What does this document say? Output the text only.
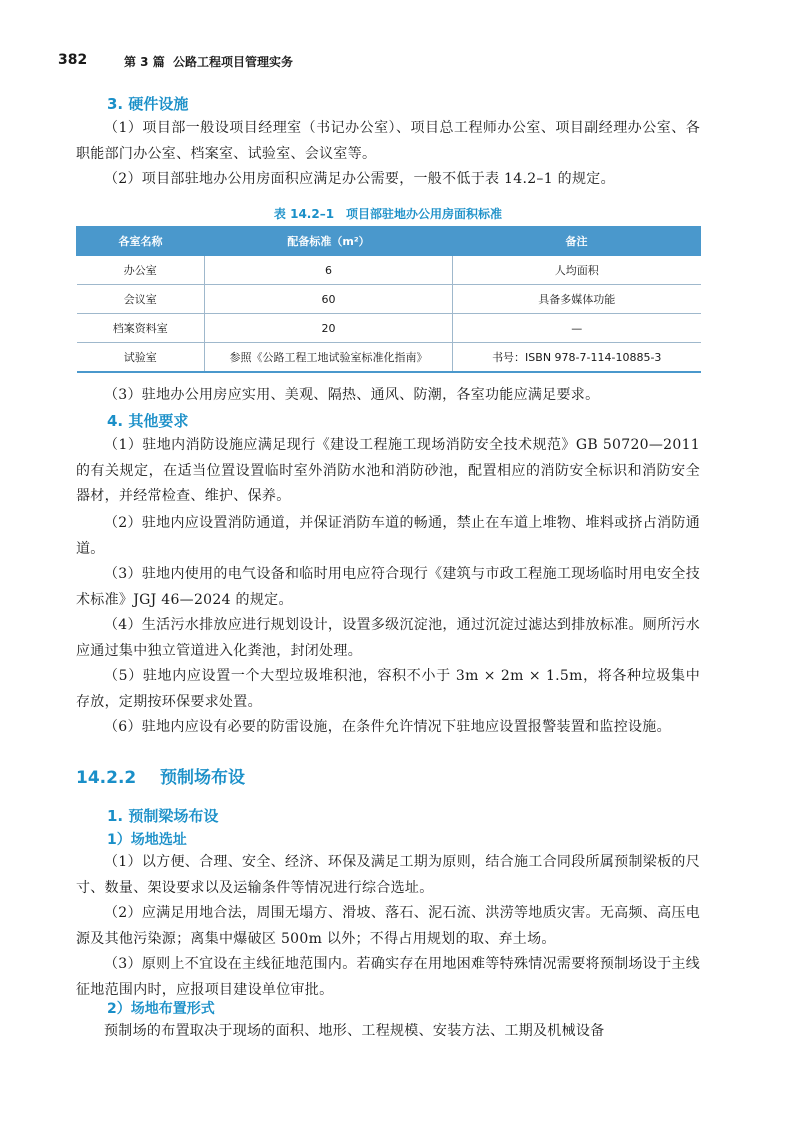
382	第 3 篇 公路工程项目管理实务
3. 硬件设施
（1）项目部一般设项目经理室（书记办公室）、项目总工程师办公室、项目副经理办公室、各职能部门办公室、档案室、试验室、会议室等。
（2）项目部驻地办公用房面积应满足办公需要，一般不低于表 14.2–1 的规定。
表 14.2–1　项目部驻地办公用房面积标准
各室名称	配备标准（m²）	备注
办公室	6	人均面积
会议室	60	具备多媒体功能
档案资料室	20	—
试验室	参照《公路工程工地试验室标准化指南》	书号：ISBN 978-7-114-10885-3
（3）驻地办公用房应实用、美观、隔热、通风、防潮，各室功能应满足要求。
4. 其他要求
（1）驻地内消防设施应满足现行《建设工程施工现场消防安全技术规范》GB 50720—2011 的有关规定，在适当位置设置临时室外消防水池和消防砂池，配置相应的消防安全标识和消防安全器材，并经常检查、维护、保养。
（2）驻地内应设置消防通道，并保证消防车道的畅通，禁止在车道上堆物、堆料或挤占消防通道。
（3）驻地内使用的电气设备和临时用电应符合现行《建筑与市政工程施工现场临时用电安全技术标准》JGJ 46—2024 的规定。
（4）生活污水排放应进行规划设计，设置多级沉淀池，通过沉淀过滤达到排放标准。厕所污水应通过集中独立管道进入化粪池，封闭处理。
（5）驻地内应设置一个大型垃圾堆积池，容积不小于 3m × 2m × 1.5m，将各种垃圾集中存放，定期按环保要求处置。
（6）驻地内应设有必要的防雷设施，在条件允许情况下驻地应设置报警装置和监控设施。
14.2.2 预制场布设
1. 预制梁场布设
1）场地选址
（1）以方便、合理、安全、经济、环保及满足工期为原则，结合施工合同段所属预制梁板的尺寸、数量、架设要求以及运输条件等情况进行综合选址。
（2）应满足用地合法，周围无塌方、滑坡、落石、泥石流、洪涝等地质灾害。无高频、高压电源及其他污染源；离集中爆破区 500m 以外；不得占用规划的取、弃土场。
（3）原则上不宜设在主线征地范围内。若确实存在用地困难等特殊情况需要将预制场设于主线征地范围内时，应报项目建设单位审批。
2）场地布置形式
预制场的布置取决于现场的面积、地形、工程规模、安装方法、工期及机械设备
